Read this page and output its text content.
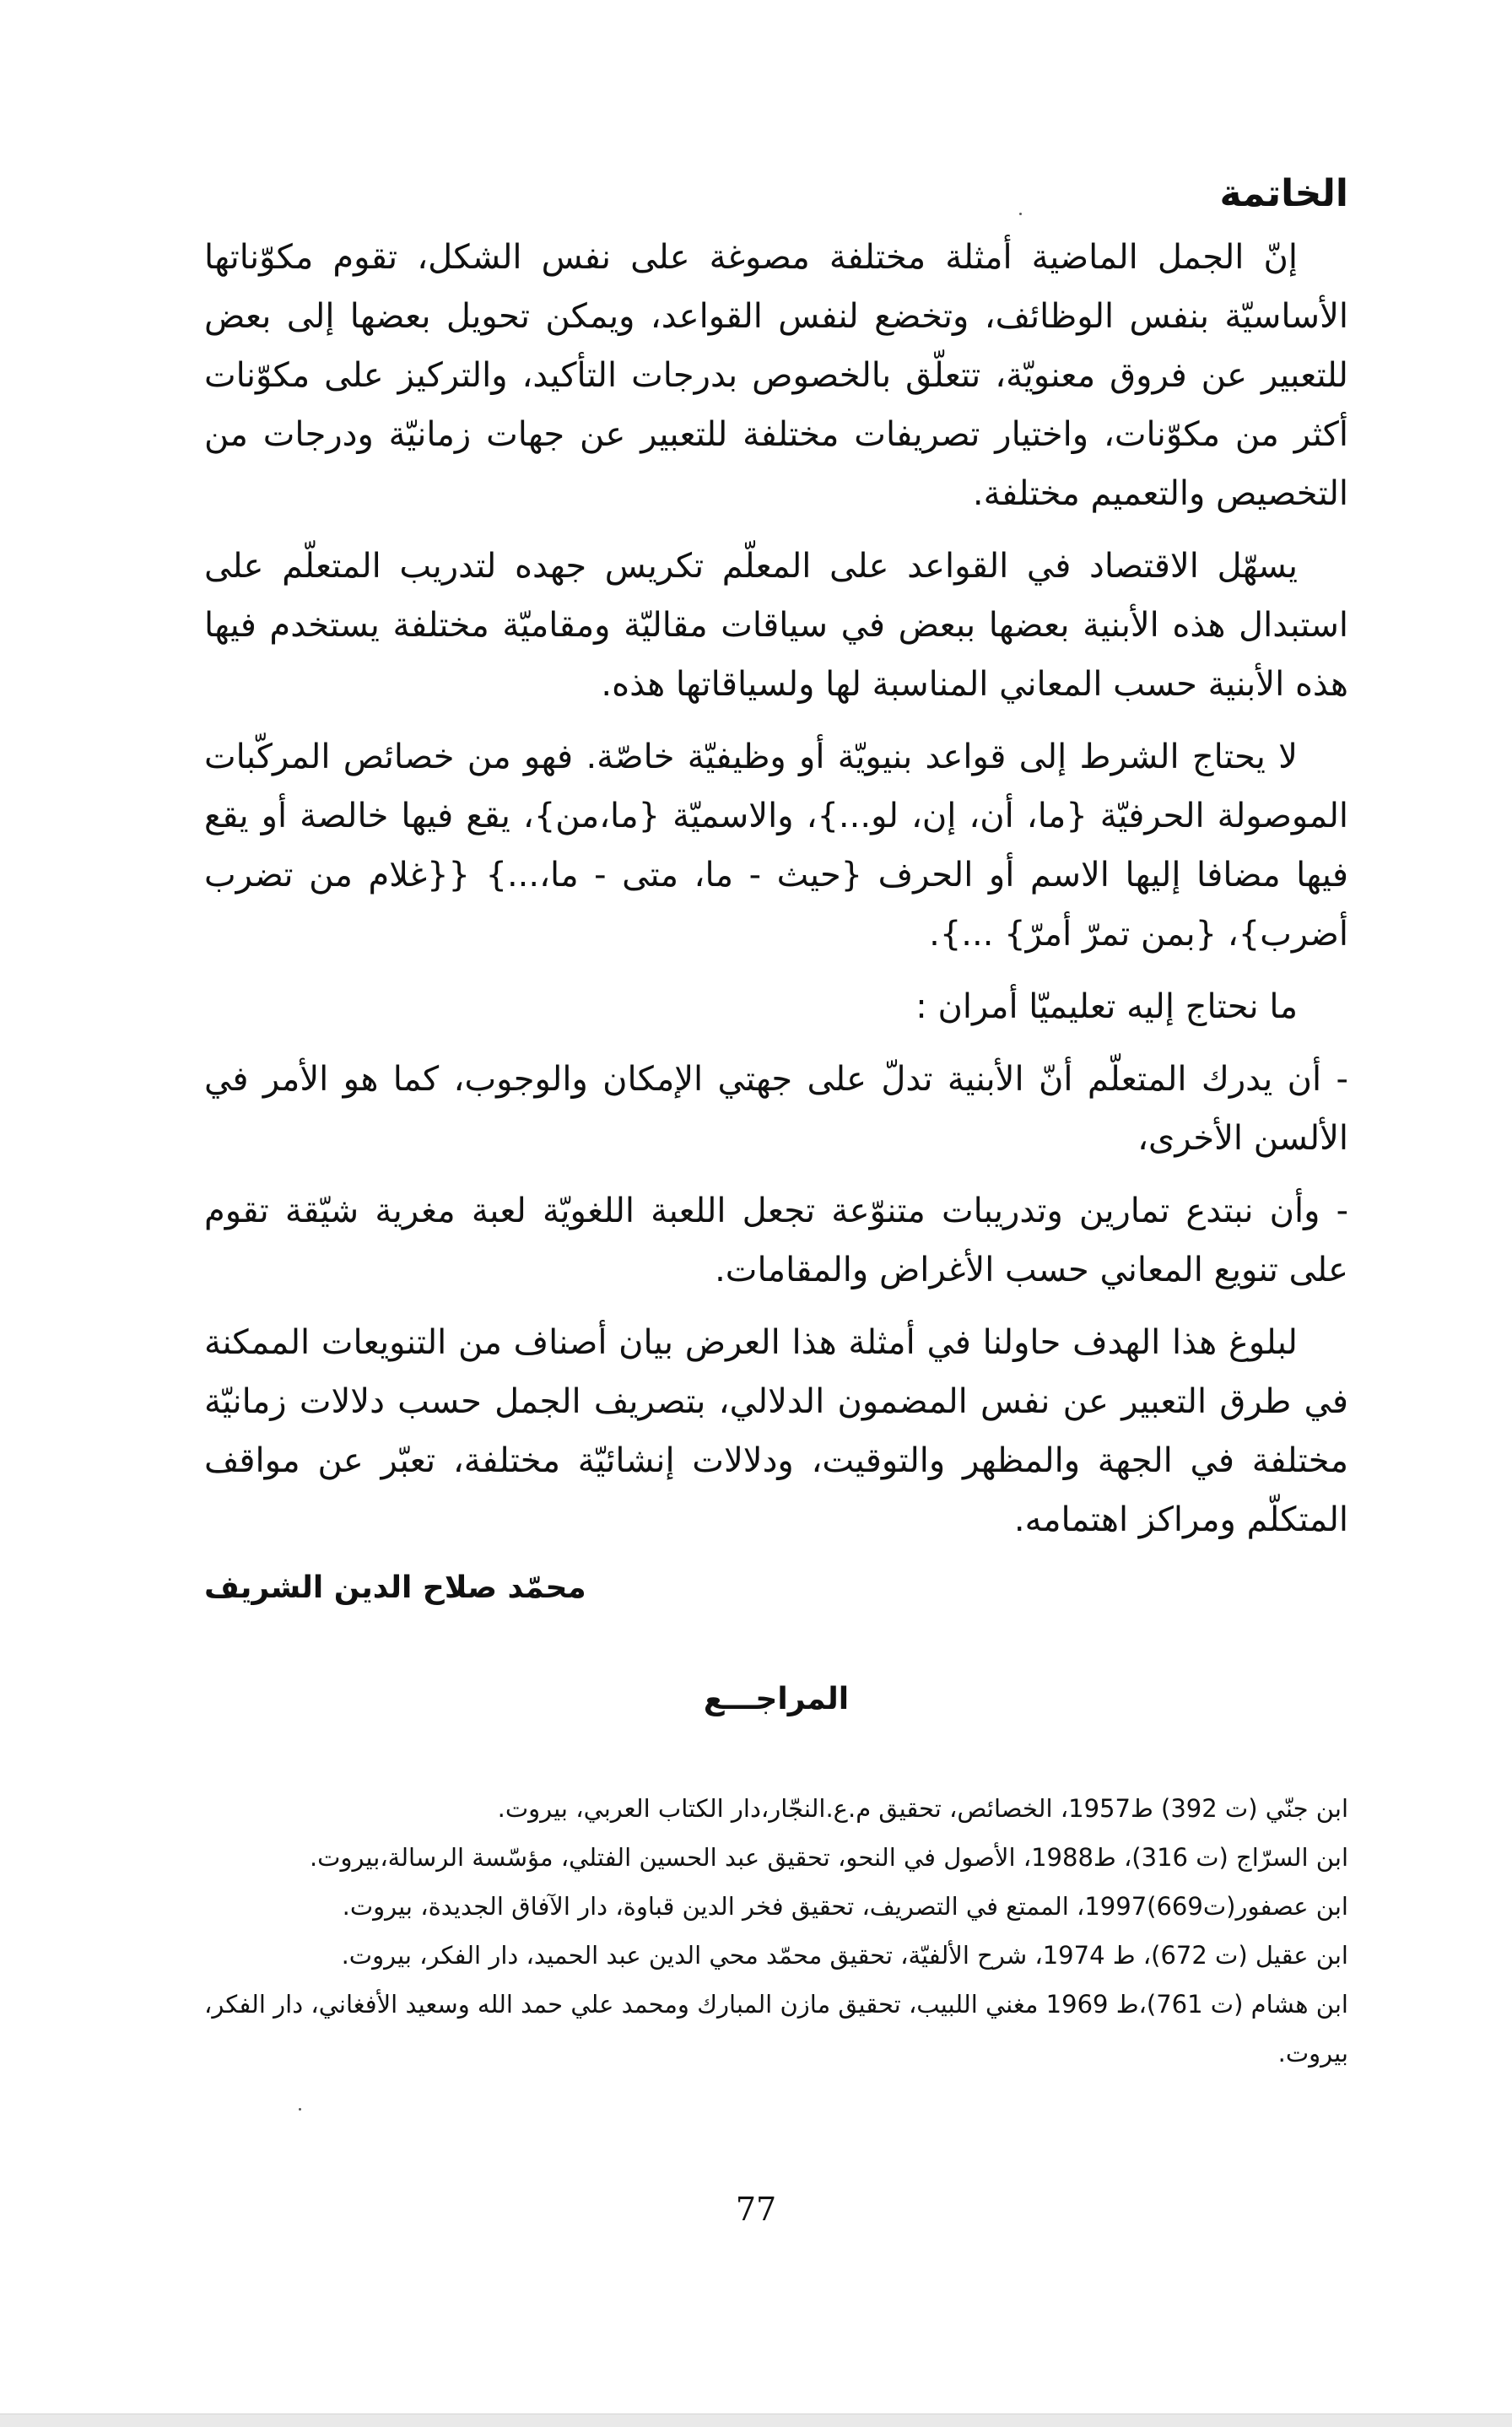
الخاتمة

إنّ الجمل الماضية أمثلة مختلفة مصوغة على نفس الشكل، تقوم مكوّناتها الأساسيّة بنفس الوظائف، وتخضع لنفس القواعد، ويمكن تحويل بعضها إلى بعض للتعبير عن فروق معنويّة، تتعلّق بالخصوص بدرجات التأكيد، والتركيز على مكوّنات أكثر من مكوّنات، واختيار تصريفات مختلفة للتعبير عن جهات زمانيّة ودرجات من التخصيص والتعميم مختلفة.

يسهّل الاقتصاد في القواعد على المعلّم تكريس جهده لتدريب المتعلّم على استبدال هذه الأبنية بعضها ببعض في سياقات مقاليّة ومقاميّة مختلفة يستخدم فيها هذه الأبنية حسب المعاني المناسبة لها ولسياقاتها هذه.

لا يحتاج الشرط إلى قواعد بنيويّة أو وظيفيّة خاصّة. فهو من خصائص المركّبات الموصولة الحرفيّة {ما، أن، إن، لو...}، والاسميّة {ما،من}، يقع فيها خالصة أو يقع فيها مضافا إليها الاسم أو الحرف {حيث - ما، متى - ما،...} {{غلام من تضرب أضرب}، {بمن تمرّ أمرّ} ...}.

ما نحتاج إليه تعليميّا أمران :

- أن يدرك المتعلّم أنّ الأبنية تدلّ على جهتي الإمكان والوجوب، كما هو الأمر في الألسن الأخرى،

- وأن نبتدع تمارين وتدريبات متنوّعة تجعل اللعبة اللغويّة لعبة مغرية شيّقة تقوم على تنويع المعاني حسب الأغراض والمقامات.

لبلوغ هذا الهدف حاولنا في أمثلة هذا العرض بيان أصناف من التنويعات الممكنة في طرق التعبير عن نفس المضمون الدلالي، بتصريف الجمل حسب دلالات زمانيّة مختلفة في الجهة والمظهر والتوقيت، ودلالات إنشائيّة مختلفة، تعبّر عن مواقف المتكلّم ومراكز اهتمامه.

محمّد صلاح الدين الشريف
المراجـــع
ابن جنّي (ت 392) ط1957، الخصائص، تحقيق م.ع.النجّار،دار الكتاب العربي، بيروت.
ابن السرّاج (ت 316)، ط1988، الأصول في النحو، تحقيق عبد الحسين الفتلي، مؤسّسة الرسالة،بيروت.
ابن عصفور(ت669)1997، الممتع في التصريف، تحقيق فخر الدين قباوة، دار الآفاق الجديدة، بيروت.
ابن عقيل (ت 672)، ط 1974، شرح الألفيّة، تحقيق محمّد محي الدين عبد الحميد، دار الفكر، بيروت.
ابن هشام (ت 761)،ط 1969 مغني اللبيب، تحقيق مازن المبارك ومحمد علي حمد الله وسعيد الأفغاني، دار الفكر، بيروت.
77
